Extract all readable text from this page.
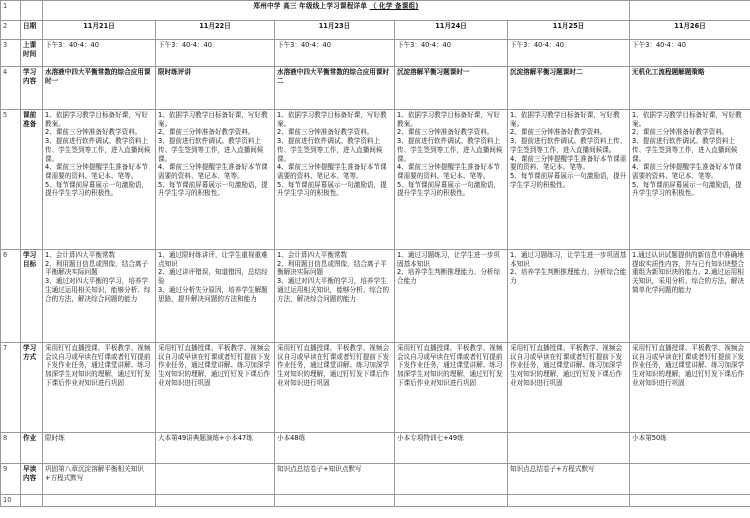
1		郑州中学 高三 年级线上学习课程详单 （ 化学 备课组)					
2	日期	11月21日	11月22日	11月23日	11月24日	11月25日	11月26日
3	上课时间	下午3：40-4：40	下午3：40-4：40	下午3：40-4：40	下午3：40-4：40	下午3：40-4：40	下午3：40-4：40
4	学习内容	水溶液中四大平衡常数的综合应用课时一	限时练评讲	水溶液中四大平衡常数的综合应用课时二	沉淀溶解平衡习题课时一	沉淀溶解平衡习题课时二	无机化工流程题解题策略
5	课前准备	1、依据学习教学目标备好课，写好教案。
2、课前三分钟准备好教学资料。
3、提前进行软件调试、教学资料上传、学生签到等工作，进入直播间候课。
4、课前三分钟提醒学生准备好本节课需要的资料、笔记本、笔等。
5、每节课前屏幕展示一句激励语，提升学生学习的积极性。	1、依据学习教学目标备好课，写好教案。
2、课前三分钟准备好教学资料。
3、提前进行软件调试、教学资料上传、学生签到等工作，进入直播间候课。
4、课前三分钟提醒学生准备好本节课需要的资料、笔记本、笔等。
5、每节课前屏幕展示一句激励语，提升学生学习的积极性。	1、依据学习教学目标备好课，写好教案。
2、课前三分钟准备好教学资料。
3、提前进行软件调试、教学资料上传、学生签到等工作，进入直播间候课。
4、课前三分钟提醒学生准备好本节课需要的资料、笔记本、笔等。
5、每节课前屏幕展示一句激励语，提升学生学习的积极性。	1、依据学习教学目标备好课，写好教案。
2、课前三分钟准备好教学资料。
3、提前进行软件调试、教学资料上传、学生签到等工作，进入直播间候课。
4、课前三分钟提醒学生准备好本节课需要的资料、笔记本、笔等。
5、每节课前屏幕展示一句激励语，提升学生学习的积极性。	1、依据学习教学目标备好课，写好教案。
2、课前三分钟准备好教学资料。
3、提前进行软件调试、教学资料上传、学生签到等工作，进入直播间候课。
4、课前三分钟提醒学生准备好本节课需要的资料、笔记本、笔等。
5、每节课前屏幕展示一句激励语，提升学生学习的积极性。	1、依据学习教学目标备好课，写好教案。
2、课前三分钟准备好教学资料。
3、提前进行软件调试、教学资料上传、学生签到等工作，进入直播间候课。
4、课前三分钟提醒学生准备好本节课需要的资料、笔记本、笔等。
5、每节课前屏幕展示一句激励语，提升学生学习的积极性。

6	学习目标	1、会计算四大平衡常数
2、利用题目信息或图像，结合离子平衡解决实际问题
3、通过对四大平衡的学习，培养学生通过运用相关知识，能够分析、综合的方法，解决综合问题的能力	1、通过限时练讲评，让学生重视重难点知识
2、通过讲评错误，知道错因，总结经验
3、通过分析失分原因，培养学生解题思路，提升解决问题的方法和能力	1、会计算四大平衡常数
2、利用题目信息或图像，结合离子平衡解决实际问题
3、通过对四大平衡的学习，培养学生通过运用相关知识，能够分析、综合的方法，解决综合问题的能力	1、通过习题练习，让学生进一步巩固基本知识
2、培养学生判断推理能力、分析综合能力	1、通过习题练习，让学生进一步巩固基本知识
2、培养学生判断推理能力、分析综合能力	1.通过认识试题提供的新信息中准确地提取实质性内容，并与已有知识块整合重组为新知识块的能力。2.通过运用相关知识，采用分析、综合的方法，解决简单化学问题的能力
7	学习方式	采用钉钉直播授课、平板教学、视频会议自习或早读在钉课或者钉钉提前下发作业任务，通过课堂讲解、练习加深学生对知识的理解，通过钉钉发下课后作业对知识进行巩固	采用钉钉直播授课、平板教学、视频会议自习或早读在钉课或者钉钉提前下发作业任务，通过课堂讲解、练习加深学生对知识的理解，通过钉钉发下课后作业对知识进行巩固	采用钉钉直播授课、平板教学、视频会议自习或早读在钉课或者钉钉提前下发作业任务，通过课堂讲解、练习加深学生对知识的理解，通过钉钉发下课后作业对知识进行巩固	采用钉钉直播授课、平板教学、视频会议自习或早读在钉课或者钉钉提前下发作业任务，通过课堂讲解、练习加深学生对知识的理解，通过钉钉发下课后作业对知识进行巩固	采用钉钉直播授课、平板教学、视频会议自习或早读在钉课或者钉钉提前下发作业任务，通过课堂讲解、练习加深学生对知识的理解，通过钉钉发下课后作业对知识进行巩固	采用钉钉直播授课、平板教学、视频会议自习或早读在钉课或者钉钉提前下发作业任务，通过课堂讲解、练习加深学生对知识的理解，通过钉钉发下课后作业对知识进行巩固
8	作业	限时练	大本第49讲典题演练+小本47练	小本48练	小本专项特训七+49练		小本第50练
9	早读内容	巩固第八章沉淀溶解平衡相关知识+方程式默写		知识点总结卷子+知识点默写		知识点总结卷子+方程式默写	
10							
